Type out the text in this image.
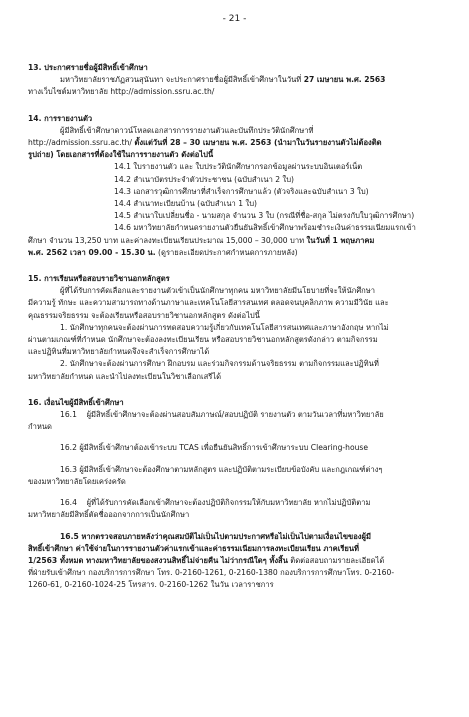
- 21 -

13. ประกาศรายชื่อผู้มีสิทธิ์เข้าศึกษา

มหาวิทยาลัยราชภัฏสวนสุนันทา จะประกาศรายชื่อผู้มีสิทธิ์เข้าศึกษาในวันที่ 27 เมษายน พ.ศ. 2563

ทางเว็บไซต์มหาวิทยาลัย http://admission.ssru.ac.th/

14. การรายงานตัว

ผู้มีสิทธิ์เข้าศึกษาดาวน์โหลดเอกสารการรายงานตัวและบันทึกประวัตินักศึกษาที่

http://admission.ssru.ac.th/ ตั้งแต่วันที่ 28 – 30 เมษายน พ.ศ. 2563 (นำมาในวันรายงานตัวไม่ต้องติด

รูปถ่าย) โดยเอกสารที่ต้องใช้ในการรายงานตัว ดังต่อไปนี้

14.1 ใบรายงานตัว และ ใบประวัตินักศึกษากรอกข้อมูลผ่านระบบอินเตอร์เน็ต

14.2 สำเนาบัตรประจำตัวประชาชน (ฉบับสำเนา 2 ใบ)

14.3 เอกสารวุฒิการศึกษาที่สำเร็จการศึกษาแล้ว (ตัวจริงและฉบับสำเนา 3 ใบ)

14.4 สำเนาทะเบียนบ้าน (ฉบับสำเนา 1 ใบ)

14.5 สำเนาใบเปลี่ยนชื่อ - นามสกุล จำนวน 3 ใบ (กรณีที่ชื่อ-สกุล ไม่ตรงกับใบวุฒิการศึกษา)

14.6 มหาวิทยาลัยกำหนดรายงานตัวยืนยันสิทธิ์เข้าศึกษาพร้อมชำระเงินค่าธรรมเนียมแรกเข้า

ศึกษา จำนวน 13,250 บาท และค่าลงทะเบียนเรียนประมาณ 15,000 – 30,000 บาท ในวันที่ 1 พฤษภาคม

พ.ศ. 2562 เวลา 09.00 - 15.30 น. (ดูรายละเอียดประกาศกำหนดการภายหลัง)

15. การเรียนหรือสอบรายวิชานอกหลักสูตร

ผู้ที่ได้รับการคัดเลือกและรายงานตัวเข้าเป็นนักศึกษาทุกคน มหาวิทยาลัยมีนโยบายที่จะให้นักศึกษา

มีความรู้ ทักษะ และความสามารถทางด้านภาษาและเทคโนโลยีสารสนเทศ ตลอดจนบุคลิกภาพ ความมีวินัย และ

คุณธรรมจริยธรรม จะต้องเรียนหรือสอบรายวิชานอกหลักสูตร ดังต่อไปนี้

1. นักศึกษาทุกคนจะต้องผ่านการทดสอบความรู้เกี่ยวกับเทคโนโลยีสารสนเทศและภาษาอังกฤษ หากไม่

ผ่านตามเกณฑ์ที่กำหนด นักศึกษาจะต้องลงทะเบียนเรียน หรือสอบรายวิชานอกหลักสูตรดังกล่าว ตามกิจกรรม

และปฏิทินที่มหาวิทยาลัยกำหนดจึงจะสำเร็จการศึกษาได้

2. นักศึกษาจะต้องผ่านการศึกษา ฝึกอบรม และร่วมกิจกรรมด้านจริยธรรม ตามกิจกรรมและปฏิทินที่

มหาวิทยาลัยกำหนด และนำไปลงทะเบียนในวิชาเลือกเสรีได้

16. เงื่อนไขผู้มีสิทธิ์เข้าศึกษา

16.1 ผู้มีสิทธิ์เข้าศึกษาจะต้องผ่านสอบสัมภาษณ์/สอบปฏิบัติ รายงานตัว ตามวันเวลาที่มหาวิทยาลัย

กำหนด

16.2 ผู้มีสิทธิ์เข้าศึกษาต้องเข้าระบบ TCAS เพื่อยืนยันสิทธิ์การเข้าศึกษาระบบ Clearing-house

16.3 ผู้มีสิทธิ์เข้าศึกษาจะต้องศึกษาตามหลักสูตร และปฏิบัติตามระเบียบข้อบังคับ และกฎเกณฑ์ต่างๆ

ของมหาวิทยาลัยโดยเคร่งครัด

16.4 ผู้ที่ได้รับการคัดเลือกเข้าศึกษาจะต้องปฏิบัติกิจกรรมให้กับมหาวิทยาลัย หากไม่ปฏิบัติตาม

มหาวิทยาลัยมีสิทธิ์ตัดชื่อออกจากการเป็นนักศึกษา

16.5 หากตรวจสอบภายหลังว่าคุณสมบัติไม่เป็นไปตามประกาศหรือไม่เป็นไปตามเงื่อนไขของผู้มี

สิทธิ์เข้าศึกษา ค่าใช้จ่ายในการรายงานตัวค่าแรกเข้าและค่าธรรมเนียมการลงทะเบียนเรียน ภาคเรียนที่

1/2563 ทั้งหมด ทางมหาวิทยาลัยของสงวนสิทธิ์ไม่จ่ายคืน ไม่ว่ากรณีใดๆ ทั้งสิ้น ติดต่อสอบถามรายละเอียดได้

ที่ฝ่ายรับเข้าศึกษา กองบริการการศึกษา โทร. 0-2160-1261, 0-2160-1380 กองบริการการศึกษาโทร. 0-2160-

1260-61, 0-2160-1024-25 โทรสาร. 0-2160-1262 ในวัน เวลาราชการ
